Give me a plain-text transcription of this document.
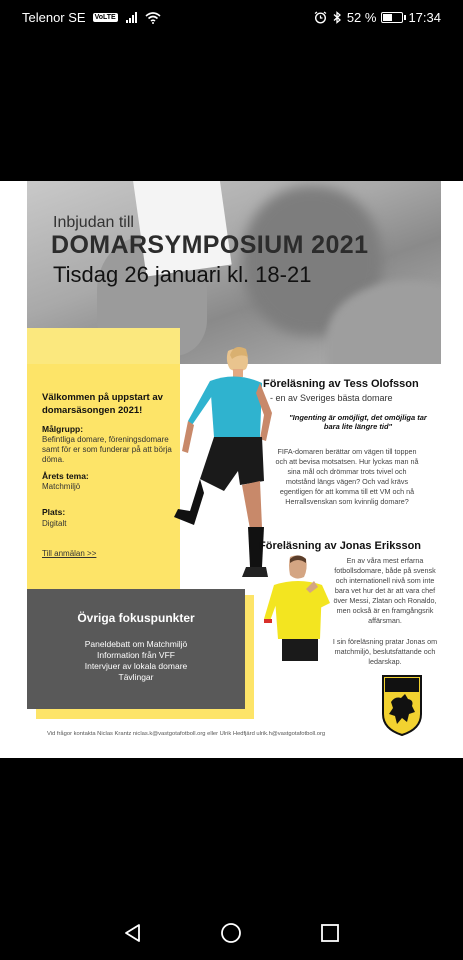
Telenor SE VoLTE	52 % 17:34
Inbjudan till
DOMARSYMPOSIUM 2021
Tisdag 26 januari kl. 18-21
Välkommen på uppstart av domarsäsongen 2021!
Målgrupp:
Befintliga domare, föreningsdomare samt för er som funderar på att börja döma.
Årets tema:
Matchmiljö
Plats:
Digitalt
Till anmälan >>
Övriga fokuspunkter
Paneldebatt om Matchmiljö
Information från VFF
Intervjuer av lokala domare
Tävlingar
Föreläsning av Tess Olofsson
- en av Sveriges bästa domare
"Ingenting är omöjligt, det omöjliga tar bara lite längre tid"
FIFA-domaren berättar om vägen till toppen och att bevisa motsatsen. Hur lyckas man nå sina mål och drömmar trots tvivel och motstånd längs vägen? Och vad krävs egentligen för att komma till ett VM och nå Herrallsvenskan som kvinnlig domare?
Föreläsning av Jonas Eriksson
En av våra mest erfarna fotbollsdomare, både på svensk och internationell nivå som inte bara vet hur det är att vara chef över Messi, Zlatan och Ronaldo, men också är en framgångsrik affärsman.
I sin föreläsning pratar Jonas om matchmiljö, beslutsfattande och ledarskap.
Vid frågor kontakta Niclas Krantz niclas.k@vastgotafotboll.org eller Ulrik Hedfjärd ulrik.h@vastgotafotboll.org
